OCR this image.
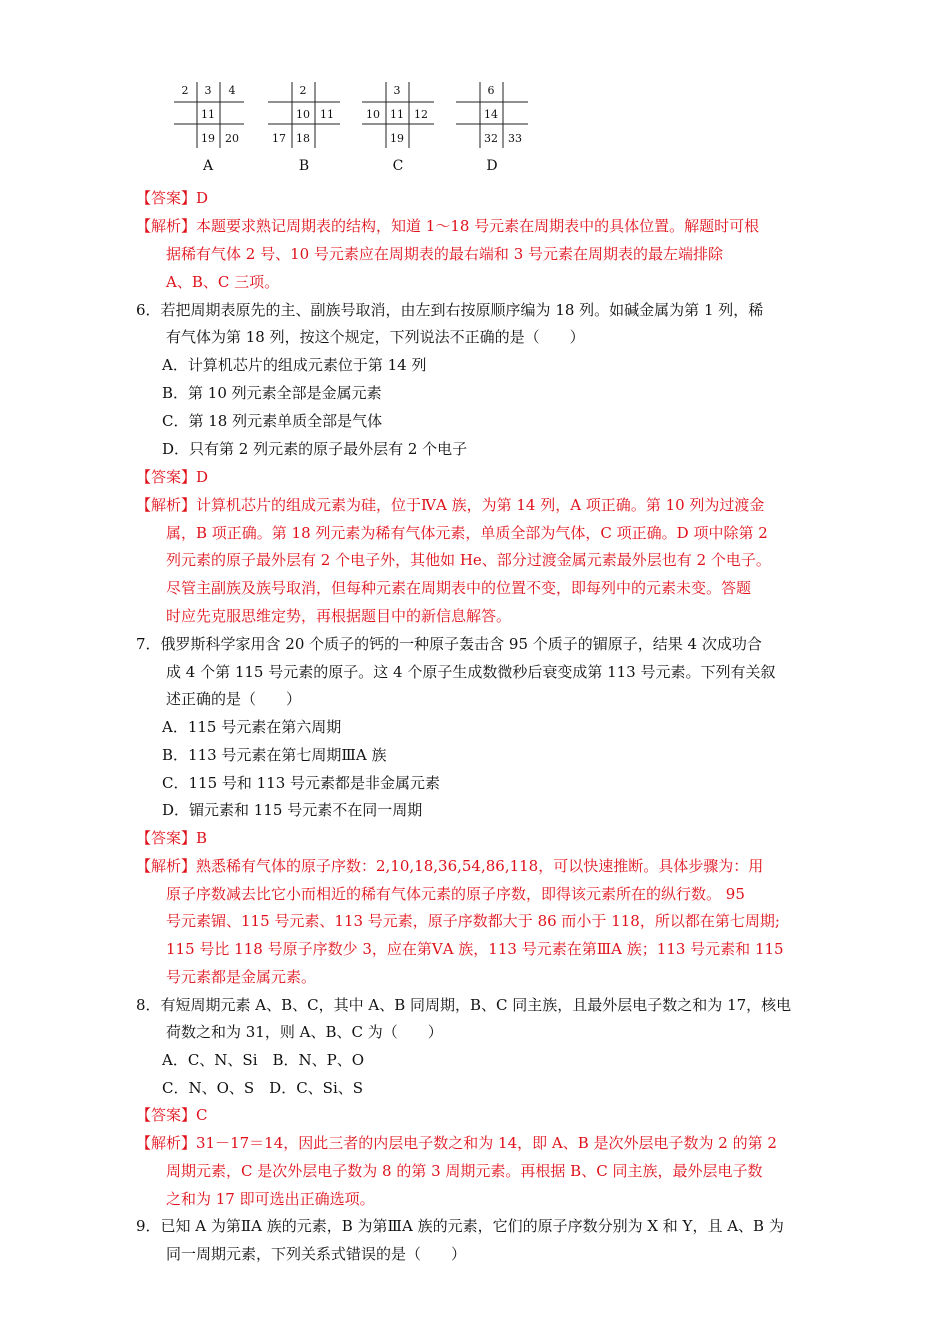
2	3	4
11
19 20
A
2
10 11
17 18
B
3
10 11 12
19
C
6
14
32 33
D
【答案】D
【解析】本题要求熟记周期表的结构，知道 1～18 号元素在周期表中的具体位置。解题时可根
据稀有气体 2 号、10 号元素应在周期表的最右端和 3 号元素在周期表的最左端排除
A、B、C 三项。
6．若把周期表原先的主、副族号取消，由左到右按原顺序编为 18 列。如碱金属为第 1 列，稀
有气体为第 18 列，按这个规定，下列说法不正确的是（　　）
A．计算机芯片的组成元素位于第 14 列
B．第 10 列元素全部是金属元素
C．第 18 列元素单质全部是气体
D．只有第 2 列元素的原子最外层有 2 个电子
【答案】D
【解析】计算机芯片的组成元素为硅，位于ⅣA 族，为第 14 列，A 项正确。第 10 列为过渡金
属，B 项正确。第 18 列元素为稀有气体元素，单质全部为气体，C 项正确。D 项中除第 2
列元素的原子最外层有 2 个电子外，其他如 He、部分过渡金属元素最外层也有 2 个电子。
尽管主副族及族号取消，但每种元素在周期表中的位置不变，即每列中的元素未变。答题
时应先克服思维定势，再根据题目中的新信息解答。
7．俄罗斯科学家用含 20 个质子的钙的一种原子轰击含 95 个质子的镅原子，结果 4 次成功合
成 4 个第 115 号元素的原子。这 4 个原子生成数微秒后衰变成第 113 号元素。下列有关叙
述正确的是（　　）
A．115 号元素在第六周期
B．113 号元素在第七周期ⅢA 族
C．115 号和 113 号元素都是非金属元素
D．镅元素和 115 号元素不在同一周期
【答案】B
【解析】熟悉稀有气体的原子序数：2,10,18,36,54,86,118，可以快速推断。具体步骤为：用
原子序数减去比它小而相近的稀有气体元素的原子序数，即得该元素所在的纵行数。 95
号元素镅、115 号元素、113 号元素，原子序数都大于 86 而小于 118，所以都在第七周期;
115 号比 118 号原子序数少 3，应在第ⅤA 族，113 号元素在第ⅢA 族；113 号元素和 115
号元素都是金属元素。
8．有短周期元素 A、B、C，其中 A、B 同周期，B、C 同主族，且最外层电子数之和为 17，核电
荷数之和为 31，则 A、B、C 为（　　）
A．C、N、Si　B．N、P、O
C．N、O、S　D．C、Si、S
【答案】C
【解析】31－17＝14，因此三者的内层电子数之和为 14，即 A、B 是次外层电子数为 2 的第 2
周期元素，C 是次外层电子数为 8 的第 3 周期元素。再根据 B、C 同主族，最外层电子数
之和为 17 即可选出正确选项。
9．已知 A 为第ⅡA 族的元素，B 为第ⅢA 族的元素，它们的原子序数分别为 X 和 Y，且 A、B 为
同一周期元素，下列关系式错误的是（　　）
